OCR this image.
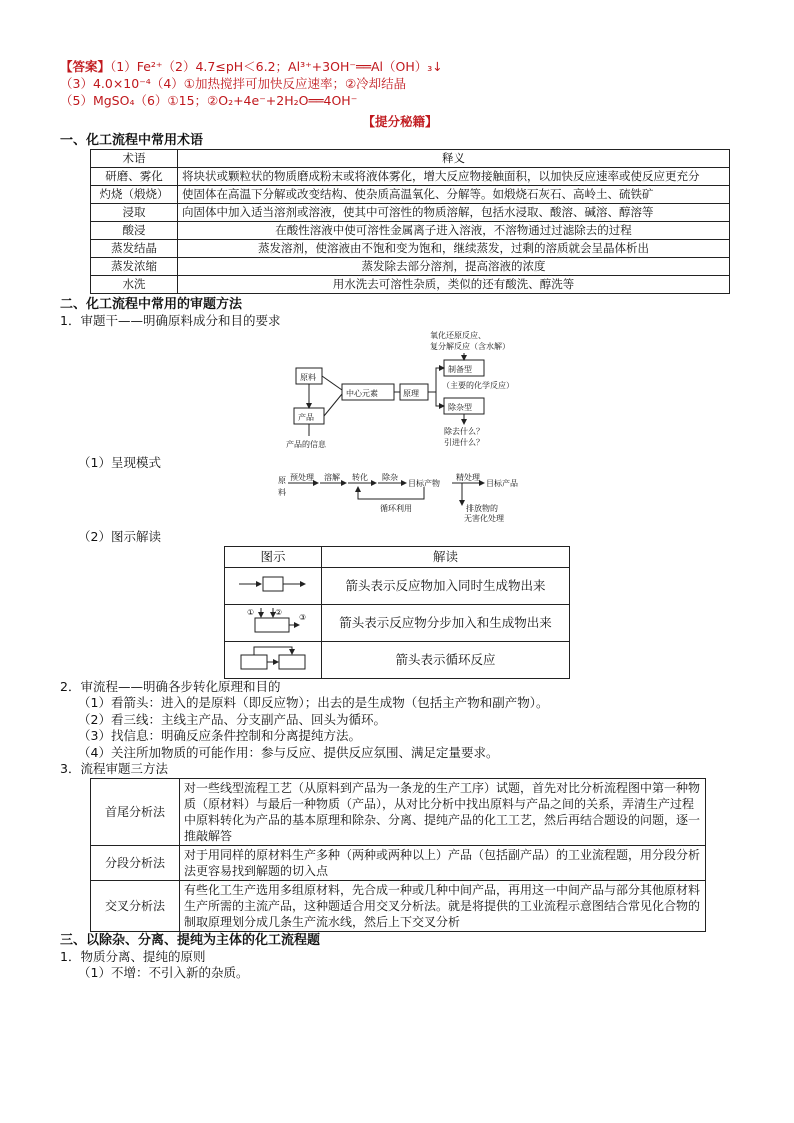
【答案】（1）Fe²⁺（2）4.7≤pH＜6.2；Al³⁺+3OH⁻══Al（OH）₃↓
（3）4.0×10⁻⁴（4）①加热搅拌可加快反应速率；②冷却结晶
（5）MgSO₄（6）①15；②O₂+4e⁻+2H₂O══4OH⁻
【提分秘籍】

一、化工流程中常用术语

术语	释义
研磨、雾化	将块状或颗粒状的物质磨成粉末或将液体雾化，增大反应物接触面积，以加快反应速率或使反应更充分
灼烧（煅烧）	使固体在高温下分解或改变结构、使杂质高温氧化、分解等。如煅烧石灰石、高岭土、硫铁矿
浸取	向固体中加入适当溶剂或溶液，使其中可溶性的物质溶解，包括水浸取、酸溶、碱溶、醇溶等
酸浸	在酸性溶液中使可溶性金属离子进入溶液，不溶物通过过滤除去的过程
蒸发结晶	蒸发溶剂，使溶液由不饱和变为饱和，继续蒸发，过剩的溶质就会呈晶体析出
蒸发浓缩	蒸发除去部分溶剂，提高溶液的浓度
水洗	用水洗去可溶性杂质，类似的还有酸洗、醇洗等

二、化工流程中常用的审题方法

1．审题干——明确原料成分和目的要求

原料
产品
中心元素	原理
制备型
（主要的化学反应）
除杂型
氧化还原反应、
复分解反应（含水解）
除去什么？
引进什么？
产品的信息

（1）呈现模式

原
料
预处理 溶解 转化 除杂
目标产物
精处理
目标产品
循环利用	排放物的
无害化处理

（2）图示解读

图示	解读
	箭头表示反应物加入同时生成物出来

① ②
③	箭头表示反应物分步加入和生成物出来
	箭头表示循环反应

2．审流程——明确各步转化原理和目的

（1）看箭头：进入的是原料（即反应物）；出去的是生成物（包括主产物和副产物）。

（2）看三线：主线主产品、分支副产品、回头为循环。

（3）找信息：明确反应条件控制和分离提纯方法。

（4）关注所加物质的可能作用：参与反应、提供反应氛围、满足定量要求。

3．流程审题三方法

首尾分析法	对一些线型流程工艺（从原料到产品为一条龙的生产工序）试题，首先对比分析流程图中第一种物质（原材料）与最后一种物质（产品），从对比分析中找出原料与产品之间的关系，弄清生产过程中原料转化为产品的基本原理和除杂、分离、提纯产品的化工工艺，然后再结合题设的问题，逐一推敲解答
分段分析法	对于用同样的原材料生产多种（两种或两种以上）产品（包括副产品）的工业流程题，用分段分析法更容易找到解题的切入点
交叉分析法	有些化工生产选用多组原材料，先合成一种或几种中间产品，再用这一中间产品与部分其他原材料生产所需的主流产品，这种题适合用交叉分析法。就是将提供的工业流程示意图结合常见化合物的制取原理划分成几条生产流水线，然后上下交叉分析

三、以除杂、分离、提纯为主体的化工流程题

1．物质分离、提纯的原则

（1）不增：不引入新的杂质。
